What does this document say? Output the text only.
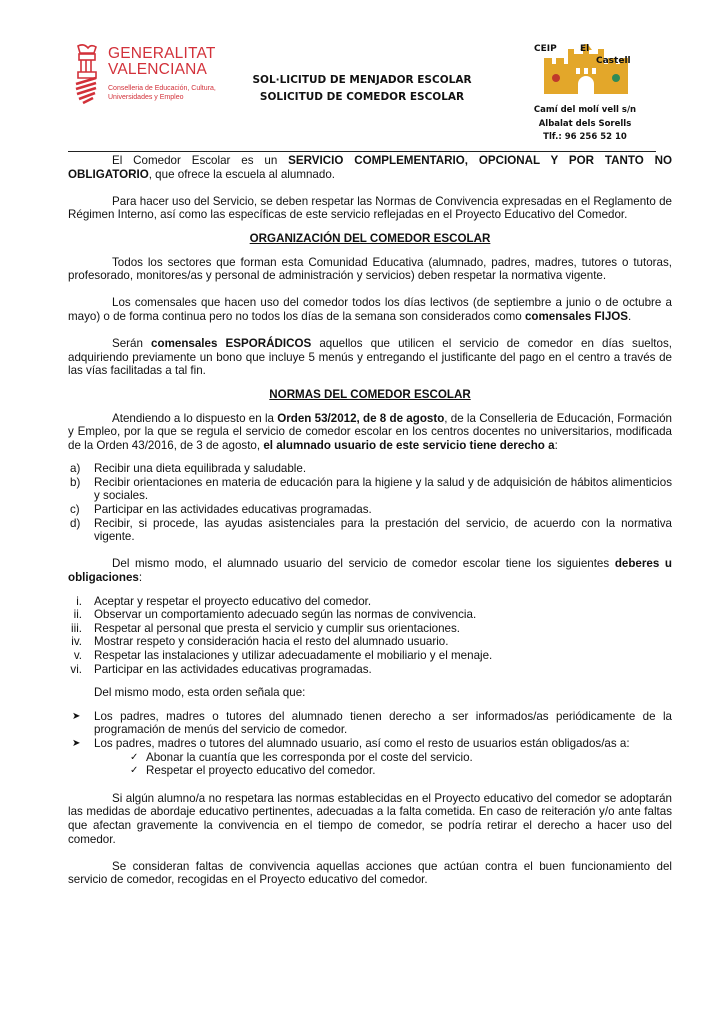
GENERALITAT
VALENCIANA
Conselleria de Educación, Cultura,
Universidades y Empleo
SOL·LICITUD DE MENJADOR ESCOLAR
SOLICITUD DE COMEDOR ESCOLAR
CEIP	El
Castell
Camí del molí vell s/n
Albalat dels Sorells
Tlf.: 96 256 52 10

El Comedor Escolar es un SERVICIO COMPLEMENTARIO, OPCIONAL Y POR TANTO NO OBLIGATORIO, que ofrece la escuela al alumnado.

Para hacer uso del Servicio, se deben respetar las Normas de Convivencia expresadas en el Reglamento de Régimen Interno, así como las específicas de este servicio reflejadas en el Proyecto Educativo del Comedor.

ORGANIZACIÓN DEL COMEDOR ESCOLAR

Todos los sectores que forman esta Comunidad Educativa (alumnado, padres, madres, tutores o tutoras, profesorado, monitores/as y personal de administración y servicios) deben respetar la normativa vigente.

Los comensales que hacen uso del comedor todos los días lectivos (de septiembre a junio o de octubre a mayo) o de forma continua pero no todos los días de la semana son considerados como comensales FIJOS.

Serán comensales ESPORÁDICOS aquellos que utilicen el servicio de comedor en días sueltos, adquiriendo previamente un bono que incluye 5 menús y entregando el justificante del pago en el centro a través de las vías facilitadas a tal fin.

NORMAS DEL COMEDOR ESCOLAR

Atendiendo a lo dispuesto en la Orden 53/2012, de 8 de agosto, de la Conselleria de Educación, Formación y Empleo, por la que se regula el servicio de comedor escolar en los centros docentes no universitarios, modificada de la Orden 43/2016, de 3 de agosto, el alumnado usuario de este servicio tiene derecho a:

a) Recibir una dieta equilibrada y saludable.
b) Recibir orientaciones en materia de educación para la higiene y la salud y de adquisición de hábitos alimenticios y sociales.
c) Participar en las actividades educativas programadas.
d) Recibir, si procede, las ayudas asistenciales para la prestación del servicio, de acuerdo con la normativa vigente.

Del mismo modo, el alumnado usuario del servicio de comedor escolar tiene los siguientes deberes u obligaciones:

i. Aceptar y respetar el proyecto educativo del comedor.
ii. Observar un comportamiento adecuado según las normas de convivencia.
iii. Respetar al personal que presta el servicio y cumplir sus orientaciones.
iv. Mostrar respeto y consideración hacia el resto del alumnado usuario.
v. Respetar las instalaciones y utilizar adecuadamente el mobiliario y el menaje.
vi. Participar en las actividades educativas programadas.

Del mismo modo, esta orden señala que:

➤ Los padres, madres o tutores del alumnado tienen derecho a ser informados/as periódicamente de la programación de menús del servicio de comedor.
➤ Los padres, madres o tutores del alumnado usuario, así como el resto de usuarios están obligados/as a:
✓ Abonar la cuantía que les corresponda por el coste del servicio.
✓ Respetar el proyecto educativo del comedor.

Si algún alumno/a no respetara las normas establecidas en el Proyecto educativo del comedor se adoptarán las medidas de abordaje educativo pertinentes, adecuadas a la falta cometida. En caso de reiteración y/o ante faltas que afectan gravemente la convivencia en el tiempo de comedor, se podría retirar el derecho a hacer uso del comedor.

Se consideran faltas de convivencia aquellas acciones que actúan contra el buen funcionamiento del servicio de comedor, recogidas en el Proyecto educativo del comedor.
